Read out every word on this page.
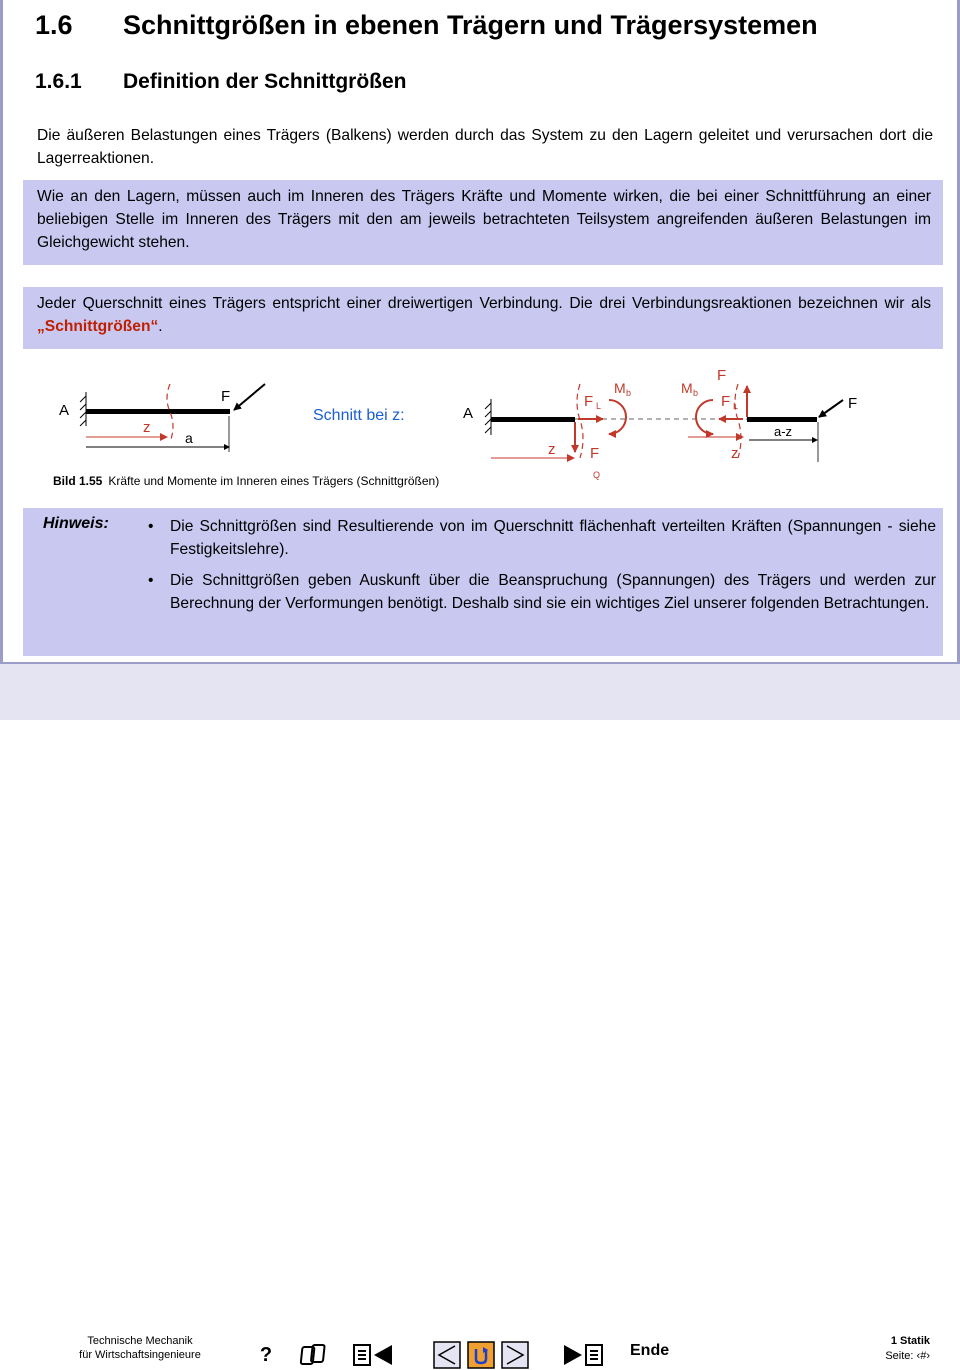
1.6 Schnittgrößen in ebenen Trägern und Trägersystemen
1.6.1 Definition der Schnittgrößen
Die äußeren Belastungen eines Trägers (Balkens) werden durch das System zu den Lagern geleitet und verursachen dort die Lagerreaktionen.
Wie an den Lagern, müssen auch im Inneren des Trägers Kräfte und Momente wirken, die bei einer Schnittführung an einer beliebigen Stelle im Inneren des Trägers mit den am jeweils betrachteten Teilsystem angreifenden äußeren Belastungen im Gleichgewicht stehen.
Jeder Querschnitt eines Trägers entspricht einer dreiwertigen Verbindung. Die drei Verbindungsreaktionen bezeichnen wir als „Schnittgrößen“.
A
F
z
a
Schnitt bei z:	A
F L
F
Q
M b	F L
F
M b
F
z	z
a-z
Bild 1.55 Kräfte und Momente im Inneren eines Trägers (Schnittgrößen)
Hinweis:	• Die Schnittgrößen sind Resultierende von im Querschnitt flächenhaft verteilten Kräften (Spannungen - siehe Festigkeitslehre).
• Die Schnittgrößen geben Auskunft über die Beanspruchung (Spannungen) des Trägers und werden zur Berechnung der Verformungen benötigt. Deshalb sind sie ein wichtiges Ziel unserer folgenden Betrachtungen.
Technische Mechanik
für Wirtschaftsingenieure	?	Ende
1 Statik
Seite: ‹#›
